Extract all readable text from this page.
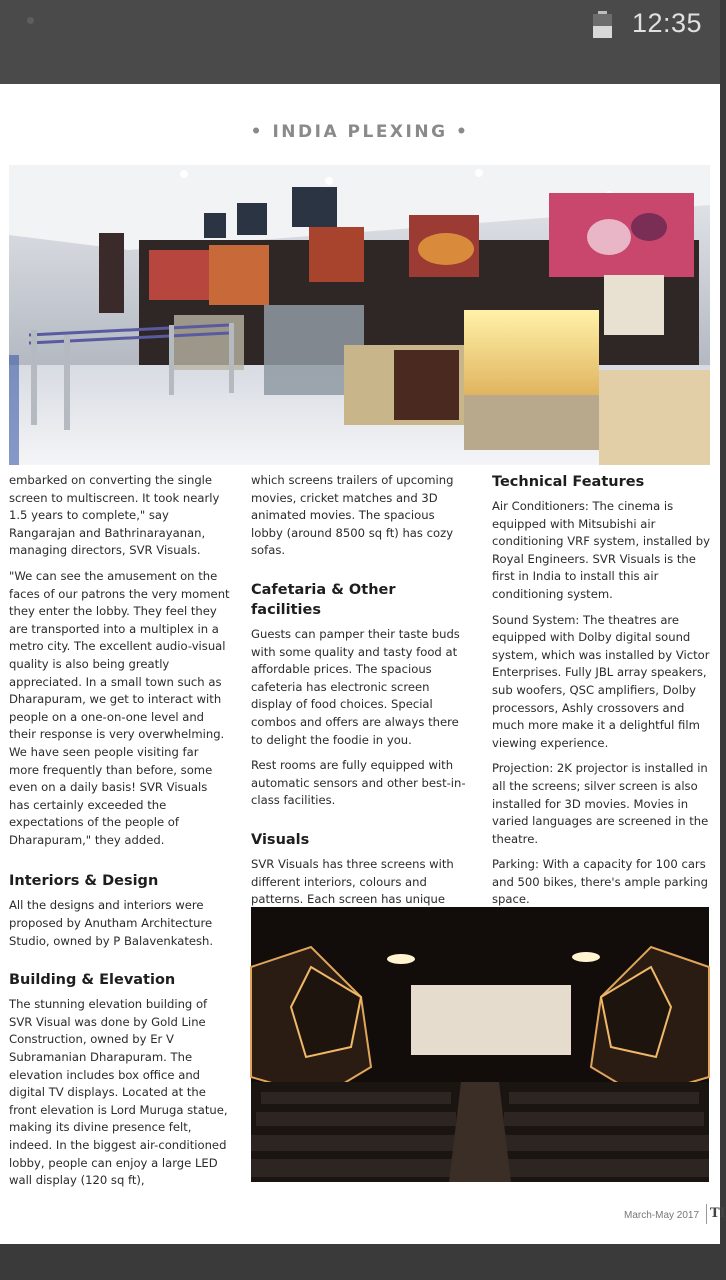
12:35
• INDIA PLEXING •

embarked on converting the single screen to multiscreen. It took nearly 1.5 years to complete," say Rangarajan and Bathrinarayanan, managing directors, SVR Visuals.

"We can see the amusement on the faces of our patrons the very moment they enter the lobby. They feel they are transported into a multiplex in a metro city. The excellent audio-visual quality is also being greatly appreciated. In a small town such as Dharapuram, we get to interact with people on a one-on-one level and their response is very overwhelming. We have seen people visiting far more frequently than before, some even on a daily basis! SVR Visuals has certainly exceeded the expectations of the people of Dharapuram," they added.

Interiors & Design

All the designs and interiors were proposed by Anutham Architecture Studio, owned by P Balavenkatesh.

Building & Elevation

The stunning elevation building of SVR Visual was done by Gold Line Construction, owned by Er V Subramanian Dharapuram. The elevation includes box office and digital TV displays. Located at the front elevation is Lord Muruga statue, making its divine presence felt, indeed. In the biggest air-conditioned lobby, people can enjoy a large LED wall display (120 sq ft),

which screens trailers of upcoming movies, cricket matches and 3D animated movies. The spacious lobby (around 8500 sq ft) has cozy sofas.

Cafetaria & Other facilities

Guests can pamper their taste buds with some quality and tasty food at affordable prices. The spacious cafeteria has electronic screen display of food choices. Special combos and offers are always there to delight the foodie in you.

Rest rooms are fully equipped with automatic sensors and other best-in-class facilities.

Visuals

SVR Visuals has three screens with different interiors, colours and patterns. Each screen has unique

Technical Features

Air Conditioners: The cinema is equipped with Mitsubishi air conditioning VRF system, installed by Royal Engineers. SVR Visuals is the first in India to install this air conditioning system.

Sound System: The theatres are equipped with Dolby digital sound system, which was installed by Victor Enterprises. Fully JBL array speakers, sub woofers, QSC amplifiers, Dolby processors, Ashly crossovers and much more make it a delightful film viewing experience.

Projection: 2K projector is installed in all the screens; silver screen is also installed for 3D movies. Movies in varied languages are screened in the theatre.

Parking: With a capacity for 100 cars and 500 bikes, there's ample parking space.

March-May 2017 TI
